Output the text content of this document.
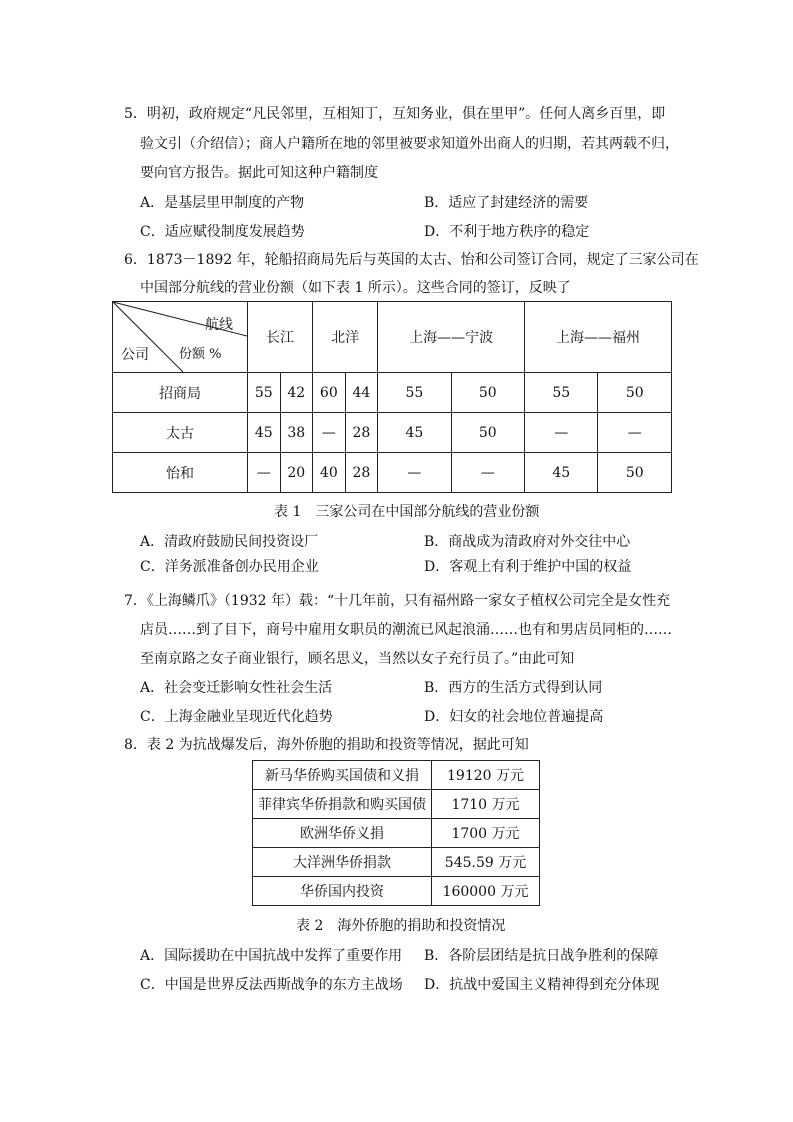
5．明初，政府规定“凡民邻里，互相知丁，互知务业，俱在里甲”。任何人离乡百里，即
验文引（介绍信）；商人户籍所在地的邻里被要求知道外出商人的归期，若其两载不归，
要向官方报告。据此可知这种户籍制度
A．是基层里甲制度的产物	B．适应了封建经济的需要
C．适应赋役制度发展趋势	D．不利于地方秩序的稳定
6．1873－1892 年，轮船招商局先后与英国的太古、怡和公司签订合同，规定了三家公司在
中国部分航线的营业份额（如下表 1 所示）。这些合同的签订，反映了
航线
公司 份额 %	长江		北洋		上海——宁波		上海——福州	
招商局	55	42	60	44	55	50	55	50
太古	45	38	—	28	45	50	—	—
怡和	—	20	40	28	—	—	45	50
表 1　三家公司在中国部分航线的营业份额
A．清政府鼓励民间投资设厂	B．商战成为清政府对外交往中心
C．洋务派准备创办民用企业	D．客观上有利于维护中国的权益
7．《上海鳞爪》（1932 年）载：“十几年前，只有福州路一家女子植权公司完全是女性充
店员……到了目下，商号中雇用女职员的潮流已风起浪涌……也有和男店员同柜的……
至南京路之女子商业银行，顾名思义，当然以女子充行员了。”由此可知
A．社会变迁影响女性社会生活	B．西方的生活方式得到认同
C．上海金融业呈现近代化趋势	D．妇女的社会地位普遍提高
8．表 2 为抗战爆发后，海外侨胞的捐助和投资等情况，据此可知
新马华侨购买国债和义捐	19120 万元
菲律宾华侨捐款和购买国债	1710 万元
欧洲华侨义捐	1700 万元
大洋洲华侨捐款	545.59 万元
华侨国内投资	160000 万元
表 2　海外侨胞的捐助和投资情况
A．国际援助在中国抗战中发挥了重要作用 B．各阶层团结是抗日战争胜利的保障
C．中国是世界反法西斯战争的东方主战场 D．抗战中爱国主义精神得到充分体现
